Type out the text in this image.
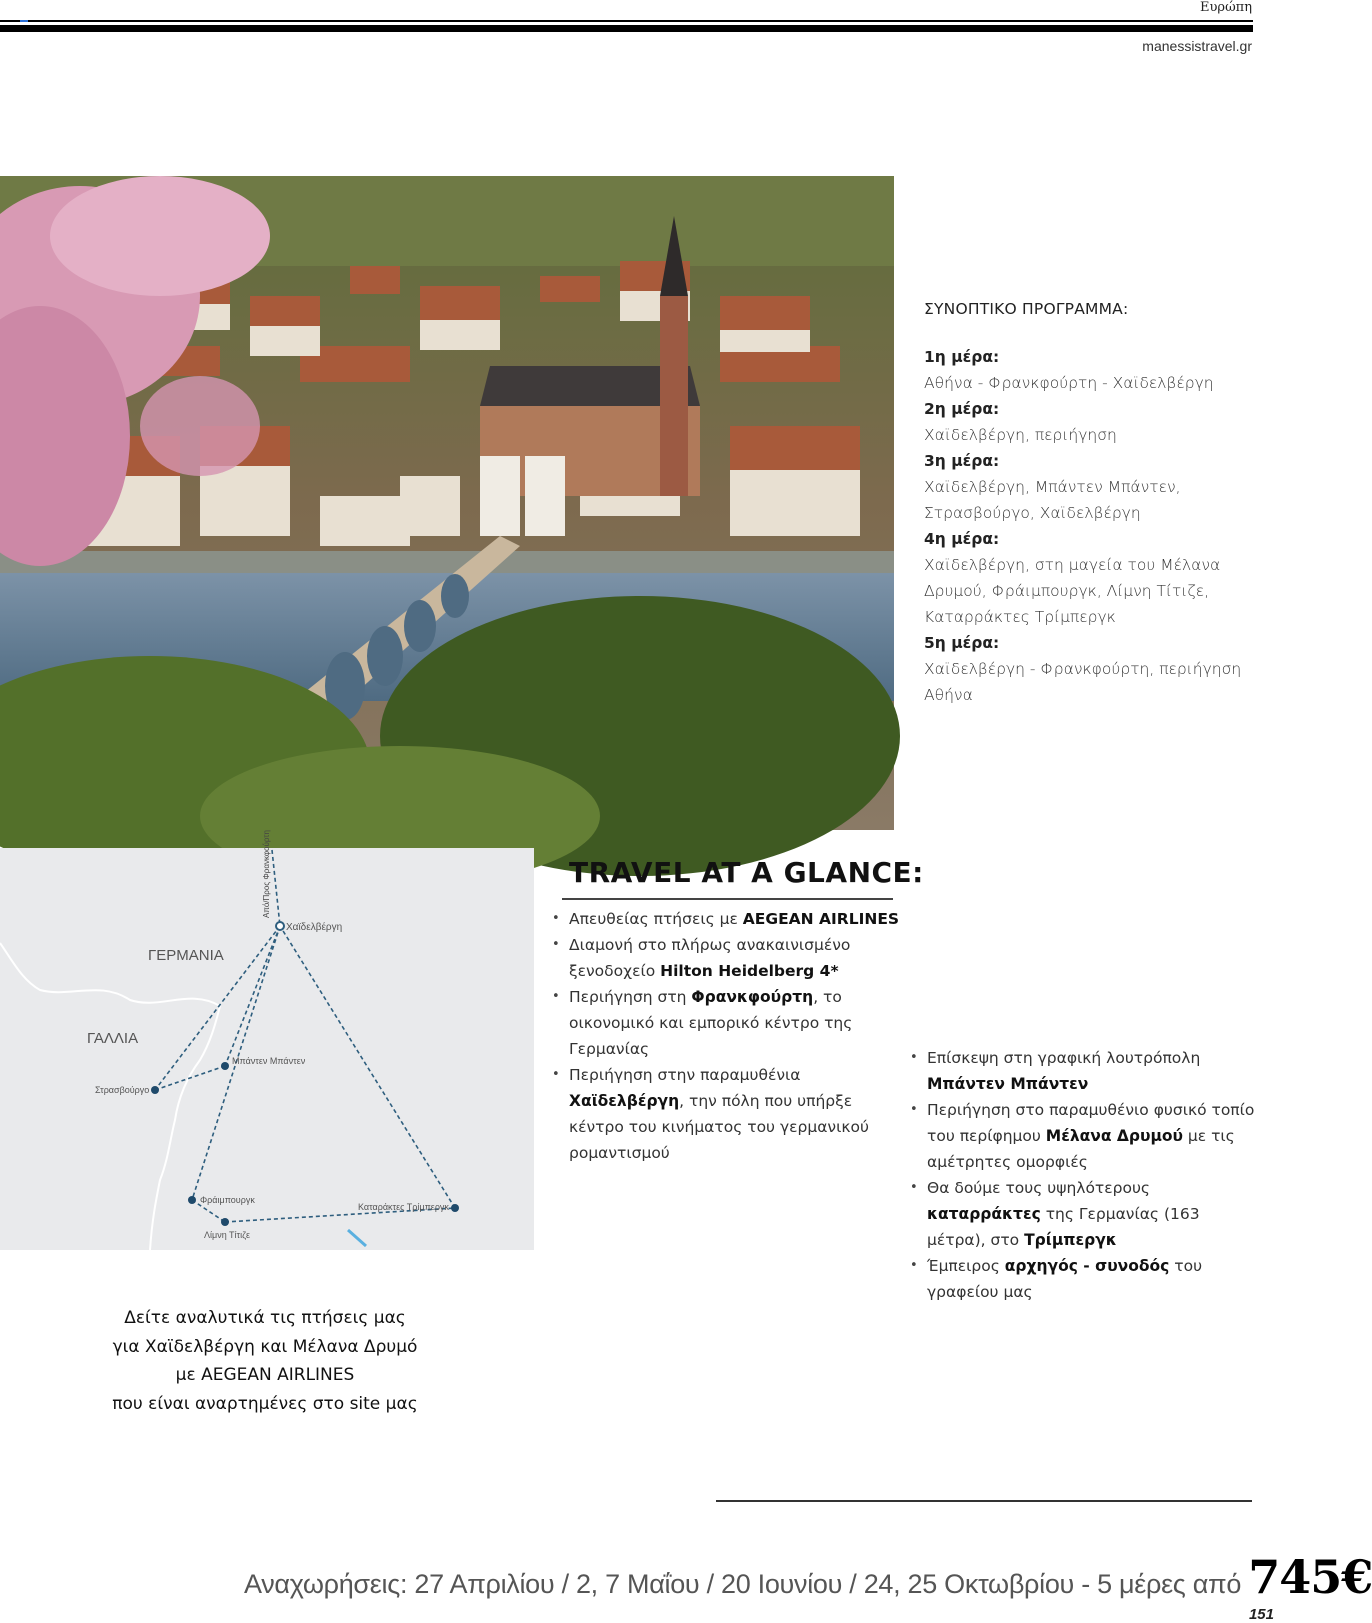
Ευρώπη
manessistravel.gr
ΣΥΝΟΠΤΙΚΟ ΠΡΟΓΡΑΜΜΑ:
1η μέρα:
Αθήνα - Φρανκφούρτη - Χαϊδελβέργη
2η μέρα:
Χαϊδελβέργη, περιήγηση
3η μέρα:
Χαϊδελβέργη, Μπάντεν Μπάντεν, Στρασβούργο, Χαϊδελβέργη
4η μέρα:
Χαϊδελβέργη, στη μαγεία του Μέλανα Δρυμού, Φράιμπουργκ, Λίμνη Τίτιζε, Καταρράκτες Τρίμπεργκ
5η μέρα:
Χαϊδελβέργη - Φρανκφούρτη, περιήγηση Αθήνα
ΓΕΡΜΑΝΙΑ
ΓΑΛΛΙΑ
Από/Προς Φρανκφούρτη
Χαϊδελβέργη
Μπάντεν Μπάντεν
Στρασβούργο
Φράιμπουργκ
Λίμνη Τίτιζε
Καταράκτες Τρίμπεργκ
TRAVEL AT A GLANCE:
• Απευθείας πτήσεις με AEGEAN AIRLINES
• Διαμονή στο πλήρως ανακαινισμένο ξενοδοχείο Hilton Heidelberg 4*
• Περιήγηση στη Φρανκφούρτη, το οικονομικό και εμπορικό κέντρο της Γερμανίας
• Περιήγηση στην παραμυθένια Χαϊδελβέργη, την πόλη που υπήρξε κέντρο του κινήματος του γερμανικού ρομαντισμού
• Επίσκεψη στη γραφική λουτρόπολη Μπάντεν Μπάντεν
• Περιήγηση στο παραμυθένιο φυσικό τοπίο του περίφημου Μέλανα Δρυμού με τις αμέτρητες ομορφιές
• Θα δούμε τους υψηλότερους καταρράκτες της Γερμανίας (163 μέτρα), στο Τρίμπεργκ
• Έμπειρος αρχηγός - συνοδός του γραφείου μας
Δείτε αναλυτικά τις πτήσεις μας
για Χαϊδελβέργη και Μέλανα Δρυμό
με AEGEAN AIRLINES
που είναι αναρτημένες στο site μας
Αναχωρήσεις: 27 Απριλίου / 2, 7 Μαΐου / 20 Ιουνίου / 24, 25 Οκτωβρίου - 5 μέρες από 745€
151
